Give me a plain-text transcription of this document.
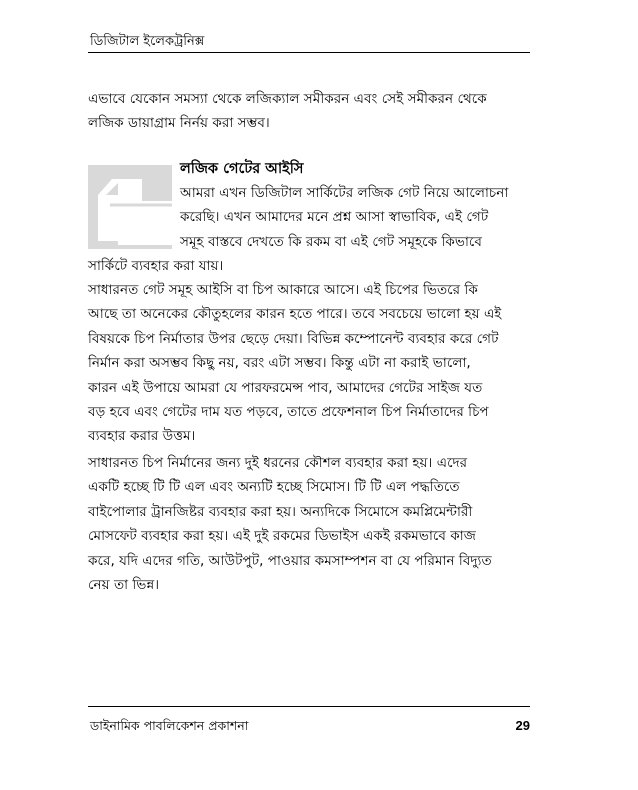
ডিজিটাল ইলেকট্রনিক্স

এভাবে যেকোন সমস্যা থেকে লজিক্যাল সমীকরন এবং সেই সমীকরন থেকে
লজিক ডায়াগ্রাম নির্নয় করা সম্ভব।

লজিক গেটের আইসি

আমরা এখন ডিজিটাল সার্কিটের লজিক গেট নিয়ে আলোচনা
করেছি। এখন আমাদের মনে প্রশ্ন আসা স্বাভাবিক, এই গেট
সমূহ বাস্তবে দেখতে কি রকম বা এই গেট সমূহকে কিভাবে

সার্কিটে ব্যবহার করা যায়।

সাধারনত গেট সমূহ আইসি বা চিপ আকারে আসে। এই চিপের ভিতরে কি
আছে তা অনেকের কৌতুহলের কারন হতে পারে। তবে সবচেয়ে ভালো হয় এই
বিষয়কে চিপ নির্মাতার উপর ছেড়ে দেয়া। বিভিন্ন কম্পোনেন্ট ব্যবহার করে গেট
নির্মান করা অসম্ভব কিছু নয়, বরং এটা সম্ভব। কিন্তু এটা না করাই ভালো,
কারন এই উপায়ে আমরা যে পারফরমেন্স পাব, আমাদের গেটের সাইজ যত
বড় হবে এবং গেটের দাম যত পড়বে, তাতে প্রফেশনাল চিপ নির্মাতাদের চিপ
ব্যবহার করার উত্তম।

সাধারনত চিপ নির্মানের জন্য দুই ধরনের কৌশল ব্যবহার করা হয়। এদের
একটি হচ্ছে টি টি এল এবং অন্যটি হচ্ছে সিমোস। টি টি এল পদ্ধতিতে
বাইপোলার ট্রানজিষ্টর ব্যবহার করা হয়। অন্যদিকে সিমোসে কমপ্লিমেন্টারী
মোসফেট ব্যবহার করা হয়। এই দুই রকমের ডিভাইস একই রকমভাবে কাজ
করে, যদি এদের গতি, আউটপুট, পাওয়ার কমসাম্পশন বা যে পরিমান বিদ্যুত
নেয় তা ভিন্ন।

ডাইনামিক পাবলিকেশন প্রকাশনা	29
